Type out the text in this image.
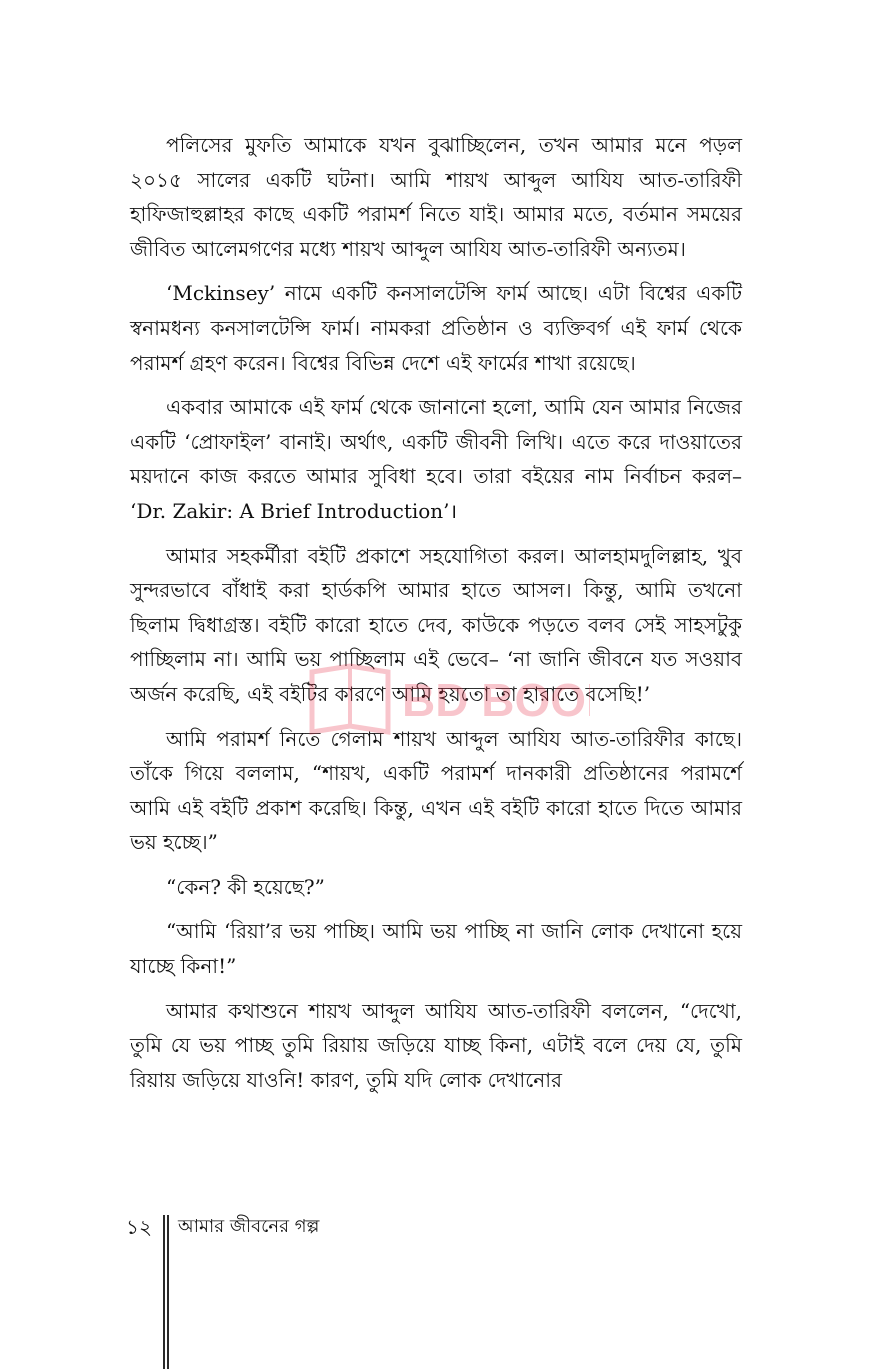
পলিসের মুফতি আমাকে যখন বুঝাচ্ছিলেন, তখন আমার মনে পড়ল ২০১৫ সালের একটি ঘটনা। আমি শায়খ আব্দুল আযিয আত-তারিফী হাফিজাহুল্লাহর কাছে একটি পরামর্শ নিতে যাই। আমার মতে, বর্তমান সময়ের জীবিত আলেমগণের মধ্যে শায়খ আব্দুল আযিয আত-তারিফী অন্যতম।

‘Mckinsey’ নামে একটি কনসালটেন্সি ফার্ম আছে। এটা বিশ্বের একটি স্বনামধন্য কনসালটেন্সি ফার্ম। নামকরা প্রতিষ্ঠান ও ব্যক্তিবর্গ এই ফার্ম থেকে পরামর্শ গ্রহণ করেন। বিশ্বের বিভিন্ন দেশে এই ফার্মের শাখা রয়েছে।

একবার আমাকে এই ফার্ম থেকে জানানো হলো, আমি যেন আমার নিজের একটি ‘প্রোফাইল’ বানাই। অর্থাৎ, একটি জীবনী লিখি। এতে করে দাওয়াতের ময়দানে কাজ করতে আমার সুবিধা হবে। তারা বইয়ের নাম নির্বাচন করল– ‘Dr. Zakir: A Brief Introduction’।

আমার সহকর্মীরা বইটি প্রকাশে সহযোগিতা করল। আলহামদুলিল্লাহ, খুব সুন্দরভাবে বাঁধাই করা হার্ডকপি আমার হাতে আসল। কিন্তু, আমি তখনো ছিলাম দ্বিধাগ্রস্ত। বইটি কারো হাতে দেব, কাউকে পড়তে বলব সেই সাহসটুকু পাচ্ছিলাম না। আমি ভয় পাচ্ছিলাম এই ভেবে– ‘না জানি জীবনে যত সওয়াব অর্জন করেছি, এই বইটির কারণে আমি হয়তো তা হারাতে বসেছি!’

আমি পরামর্শ নিতে গেলাম শায়খ আব্দুল আযিয আত-তারিফীর কাছে। তাঁকে গিয়ে বললাম, “শায়খ, একটি পরামর্শ দানকারী প্রতিষ্ঠানের পরামর্শে আমি এই বইটি প্রকাশ করেছি। কিন্তু, এখন এই বইটি কারো হাতে দিতে আমার ভয় হচ্ছে।”

“কেন? কী হয়েছে?”

“আমি ‘রিয়া’র ভয় পাচ্ছি। আমি ভয় পাচ্ছি না জানি লোক দেখানো হয়ে যাচ্ছে কিনা!”

আমার কথাশুনে শায়খ আব্দুল আযিয আত-তারিফী বললেন, “দেখো, তুমি যে ভয় পাচ্ছ তুমি রিয়ায় জড়িয়ে যাচ্ছ কিনা, এটাই বলে দেয় যে, তুমি রিয়ায় জড়িয়ে যাওনি! কারণ, তুমি যদি লোক দেখানোর

BD BOO
১২ আমার জীবনের গল্প
